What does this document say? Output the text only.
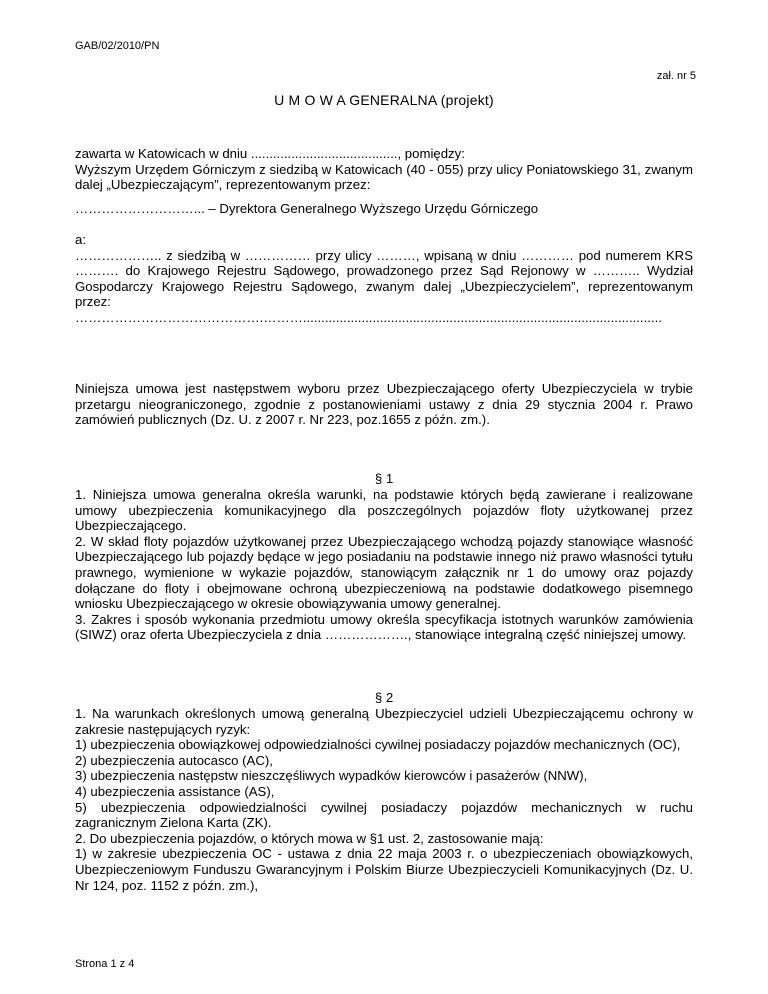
GAB/02/2010/PN
zał. nr 5
U M O W A GENERALNA (projekt)

zawarta w Katowicach w dniu ........................................, pomiędzy:

Wyższym Urzędem Górniczym z siedzibą w Katowicach (40 - 055) przy ulicy Poniatowskiego 31, zwanym dalej „Ubezpieczającym”, reprezentowanym przez:

………………………... – Dyrektora Generalnego Wyższego Urzędu Górniczego

a:

……………….. z siedzibą w …………… przy ulicy ………, wpisaną w dniu ………… pod numerem KRS ………. do Krajowego Rejestru Sądowego, prowadzonego przez Sąd Rejonowy w ……….. Wydział Gospodarczy Krajowego Rejestru Sądowego, zwanym dalej „Ubezpieczycielem”, reprezentowanym przez:

…………………………………….………..................................................................................................

Niniejsza umowa jest następstwem wyboru przez Ubezpieczającego oferty Ubezpieczyciela w trybie przetargu nieograniczonego, zgodnie z postanowieniami ustawy z dnia 29 stycznia 2004 r. Prawo zamówień publicznych (Dz. U. z 2007 r. Nr 223, poz.1655 z późn. zm.).

§ 1

1. Niniejsza umowa generalna określa warunki, na podstawie których będą zawierane i realizowane umowy ubezpieczenia komunikacyjnego dla poszczególnych pojazdów floty użytkowanej przez Ubezpieczającego.

2. W skład floty pojazdów użytkowanej przez Ubezpieczającego wchodzą pojazdy stanowiące własność Ubezpieczającego lub pojazdy będące w jego posiadaniu na podstawie innego niż prawo własności tytułu prawnego, wymienione w wykazie pojazdów, stanowiącym załącznik nr 1 do umowy oraz pojazdy dołączane do floty i obejmowane ochroną ubezpieczeniową na podstawie dodatkowego pisemnego wniosku Ubezpieczającego w okresie obowiązywania umowy generalnej.

3. Zakres i sposób wykonania przedmiotu umowy określa specyfikacja istotnych warunków zamówienia (SIWZ) oraz oferta Ubezpieczyciela z dnia ………………., stanowiące integralną część niniejszej umowy.

§ 2

1. Na warunkach określonych umową generalną Ubezpieczyciel udzieli Ubezpieczającemu ochrony w zakresie następujących ryzyk:

1) ubezpieczenia obowiązkowej odpowiedzialności cywilnej posiadaczy pojazdów mechanicznych (OC),

2) ubezpieczenia autocasco (AC),

3) ubezpieczenia następstw nieszczęśliwych wypadków kierowców i pasażerów (NNW),

4) ubezpieczenia assistance (AS),

5) ubezpieczenia odpowiedzialności cywilnej posiadaczy pojazdów mechanicznych w ruchu zagranicznym Zielona Karta (ZK).

2. Do ubezpieczenia pojazdów, o których mowa w §1 ust. 2, zastosowanie mają:

1) w zakresie ubezpieczenia OC - ustawa z dnia 22 maja 2003 r. o ubezpieczeniach obowiązkowych, Ubezpieczeniowym Funduszu Gwarancyjnym i Polskim Biurze Ubezpieczycieli Komunikacyjnych (Dz. U. Nr 124, poz. 1152 z późn. zm.),

Strona 1 z 4
